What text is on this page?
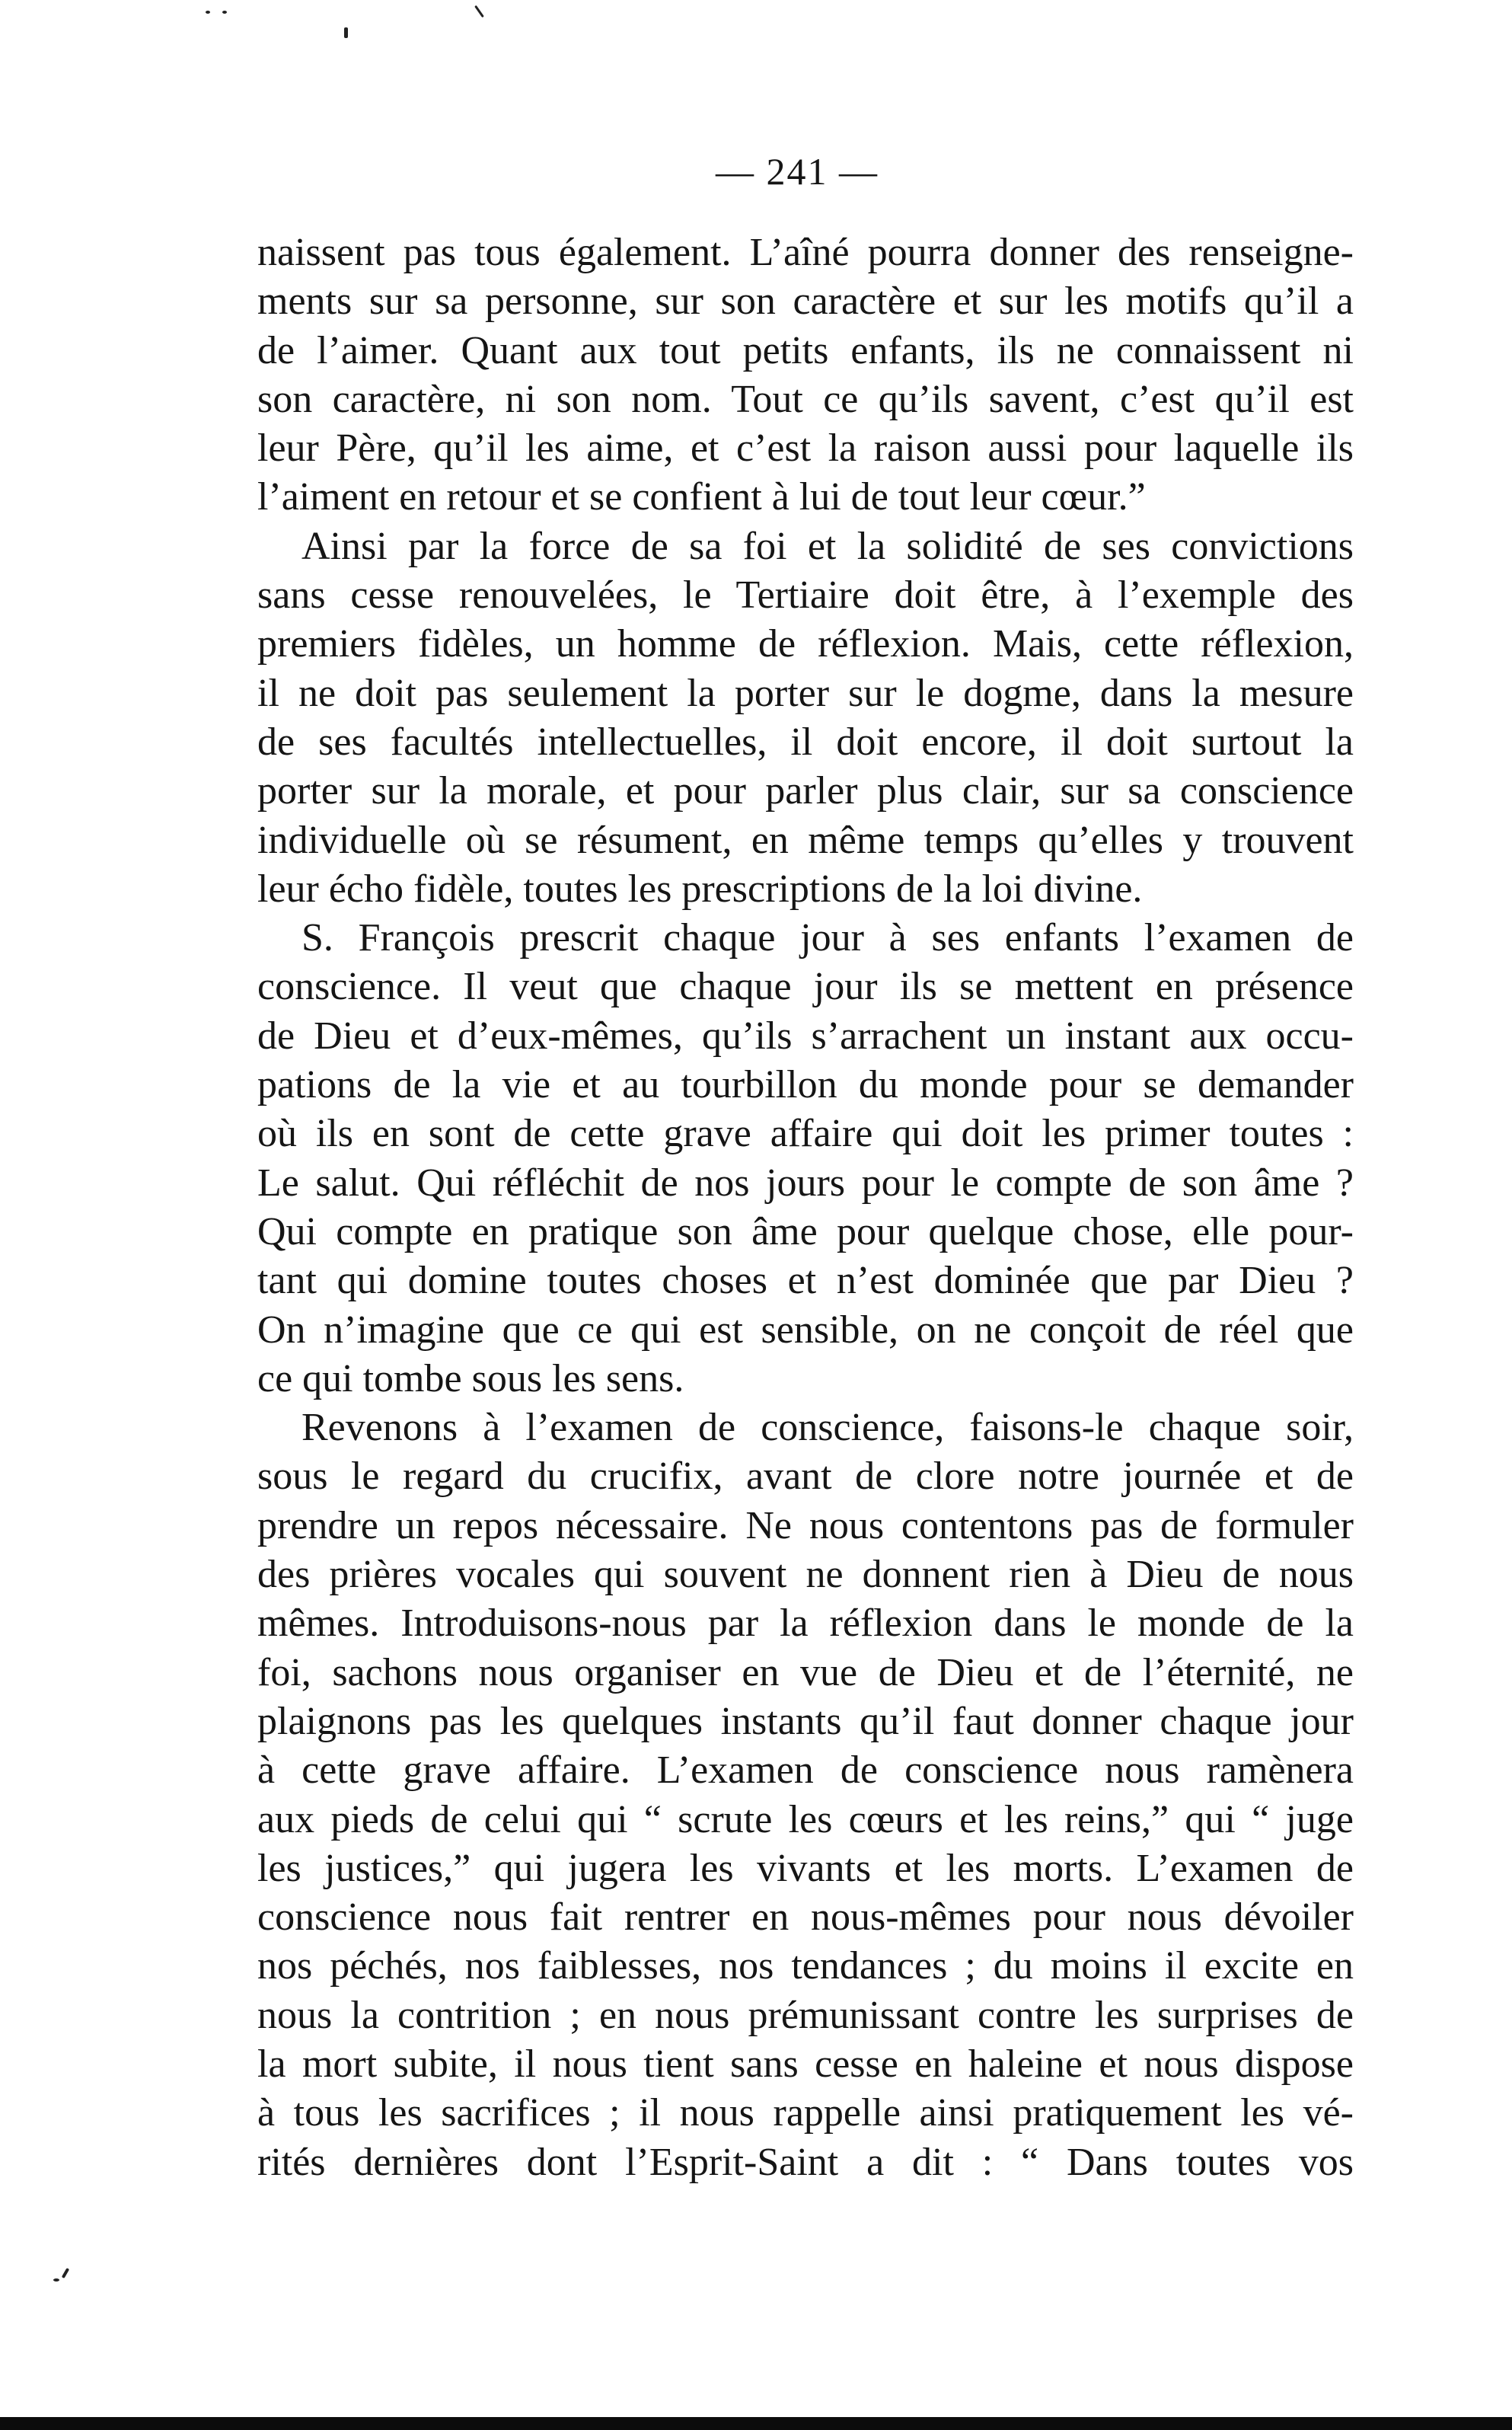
— 241 —
naissent pas tous également. L’aîné pourra donner des renseigne-
ments sur sa personne, sur son caractère et sur les motifs qu’il a
de l’aimer. Quant aux tout petits enfants, ils ne connaissent ni
son caractère, ni son nom. Tout ce qu’ils savent, c’est qu’il est
leur Père, qu’il les aime, et c’est la raison aussi pour laquelle ils
l’aiment en retour et se confient à lui de tout leur cœur.”
Ainsi par la force de sa foi et la solidité de ses convictions
sans cesse renouvelées, le Tertiaire doit être, à l’exemple des
premiers fidèles, un homme de réflexion. Mais, cette réflexion,
il ne doit pas seulement la porter sur le dogme, dans la mesure
de ses facultés intellectuelles, il doit encore, il doit surtout la
porter sur la morale, et pour parler plus clair, sur sa conscience
individuelle où se résument, en même temps qu’elles y trouvent
leur écho fidèle, toutes les prescriptions de la loi divine.
S. François prescrit chaque jour à ses enfants l’examen de
conscience. Il veut que chaque jour ils se mettent en présence
de Dieu et d’eux-mêmes, qu’ils s’arrachent un instant aux occu-
pations de la vie et au tourbillon du monde pour se demander
où ils en sont de cette grave affaire qui doit les primer toutes :
Le salut. Qui réfléchit de nos jours pour le compte de son âme ?
Qui compte en pratique son âme pour quelque chose, elle pour-
tant qui domine toutes choses et n’est dominée que par Dieu ?
On n’imagine que ce qui est sensible, on ne conçoit de réel que
ce qui tombe sous les sens.
Revenons à l’examen de conscience, faisons-le chaque soir,
sous le regard du crucifix, avant de clore notre journée et de
prendre un repos nécessaire. Ne nous contentons pas de formuler
des prières vocales qui souvent ne donnent rien à Dieu de nous
mêmes. Introduisons-nous par la réflexion dans le monde de la
foi, sachons nous organiser en vue de Dieu et de l’éternité, ne
plaignons pas les quelques instants qu’il faut donner chaque jour
à cette grave affaire. L’examen de conscience nous ramènera
aux pieds de celui qui “ scrute les cœurs et les reins,” qui “ juge
les justices,” qui jugera les vivants et les morts. L’examen de
conscience nous fait rentrer en nous-mêmes pour nous dévoiler
nos péchés, nos faiblesses, nos tendances ; du moins il excite en
nous la contrition ; en nous prémunissant contre les surprises de
la mort subite, il nous tient sans cesse en haleine et nous dispose
à tous les sacrifices ; il nous rappelle ainsi pratiquement les vé-
rités dernières dont l’Esprit-Saint a dit : “ Dans toutes vos
